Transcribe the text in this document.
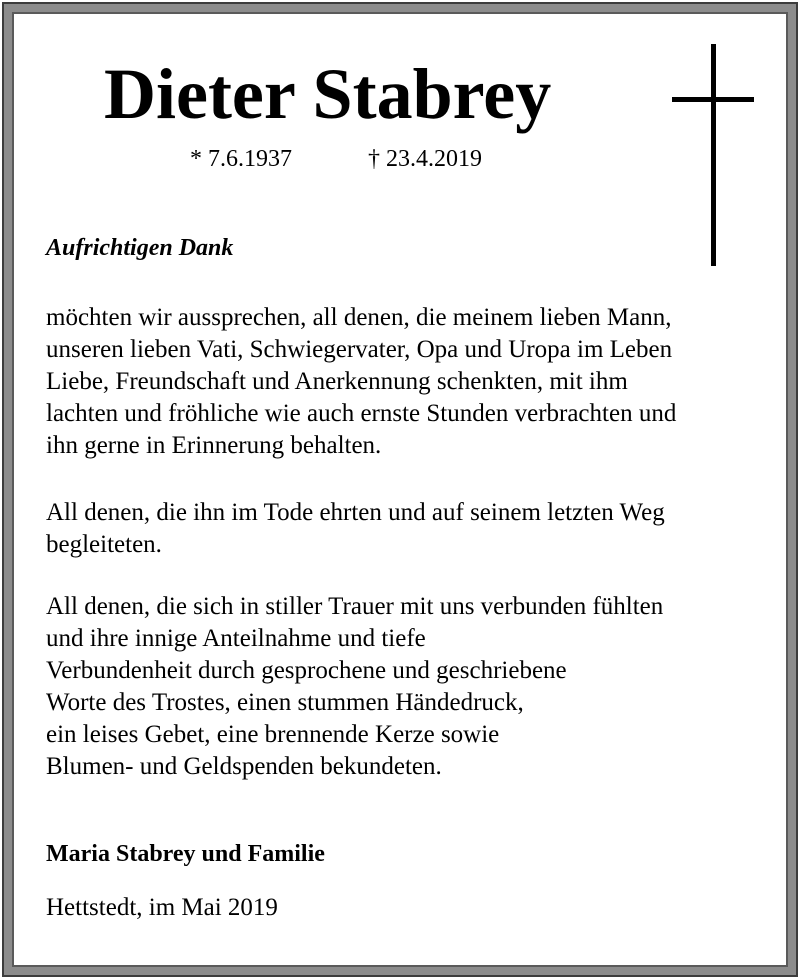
Dieter Stabrey
* 7.6.1937	† 23.4.2019
Aufrichtigen Dank
möchten wir aussprechen, all denen, die meinem lieben Mann,
unseren lieben Vati, Schwiegervater, Opa und Uropa im Leben
Liebe, Freundschaft und Anerkennung schenkten, mit ihm
lachten und fröhliche wie auch ernste Stunden verbrachten und
ihn gerne in Erinnerung behalten.
All denen, die ihn im Tode ehrten und auf seinem letzten Weg
begleiteten.
All denen, die sich in stiller Trauer mit uns verbunden fühlten
und ihre innige Anteilnahme und tiefe
Verbundenheit durch gesprochene und geschriebene
Worte des Trostes, einen stummen Händedruck,
ein leises Gebet, eine brennende Kerze sowie
Blumen- und Geldspenden bekundeten.
Maria Stabrey und Familie
Hettstedt, im Mai 2019
